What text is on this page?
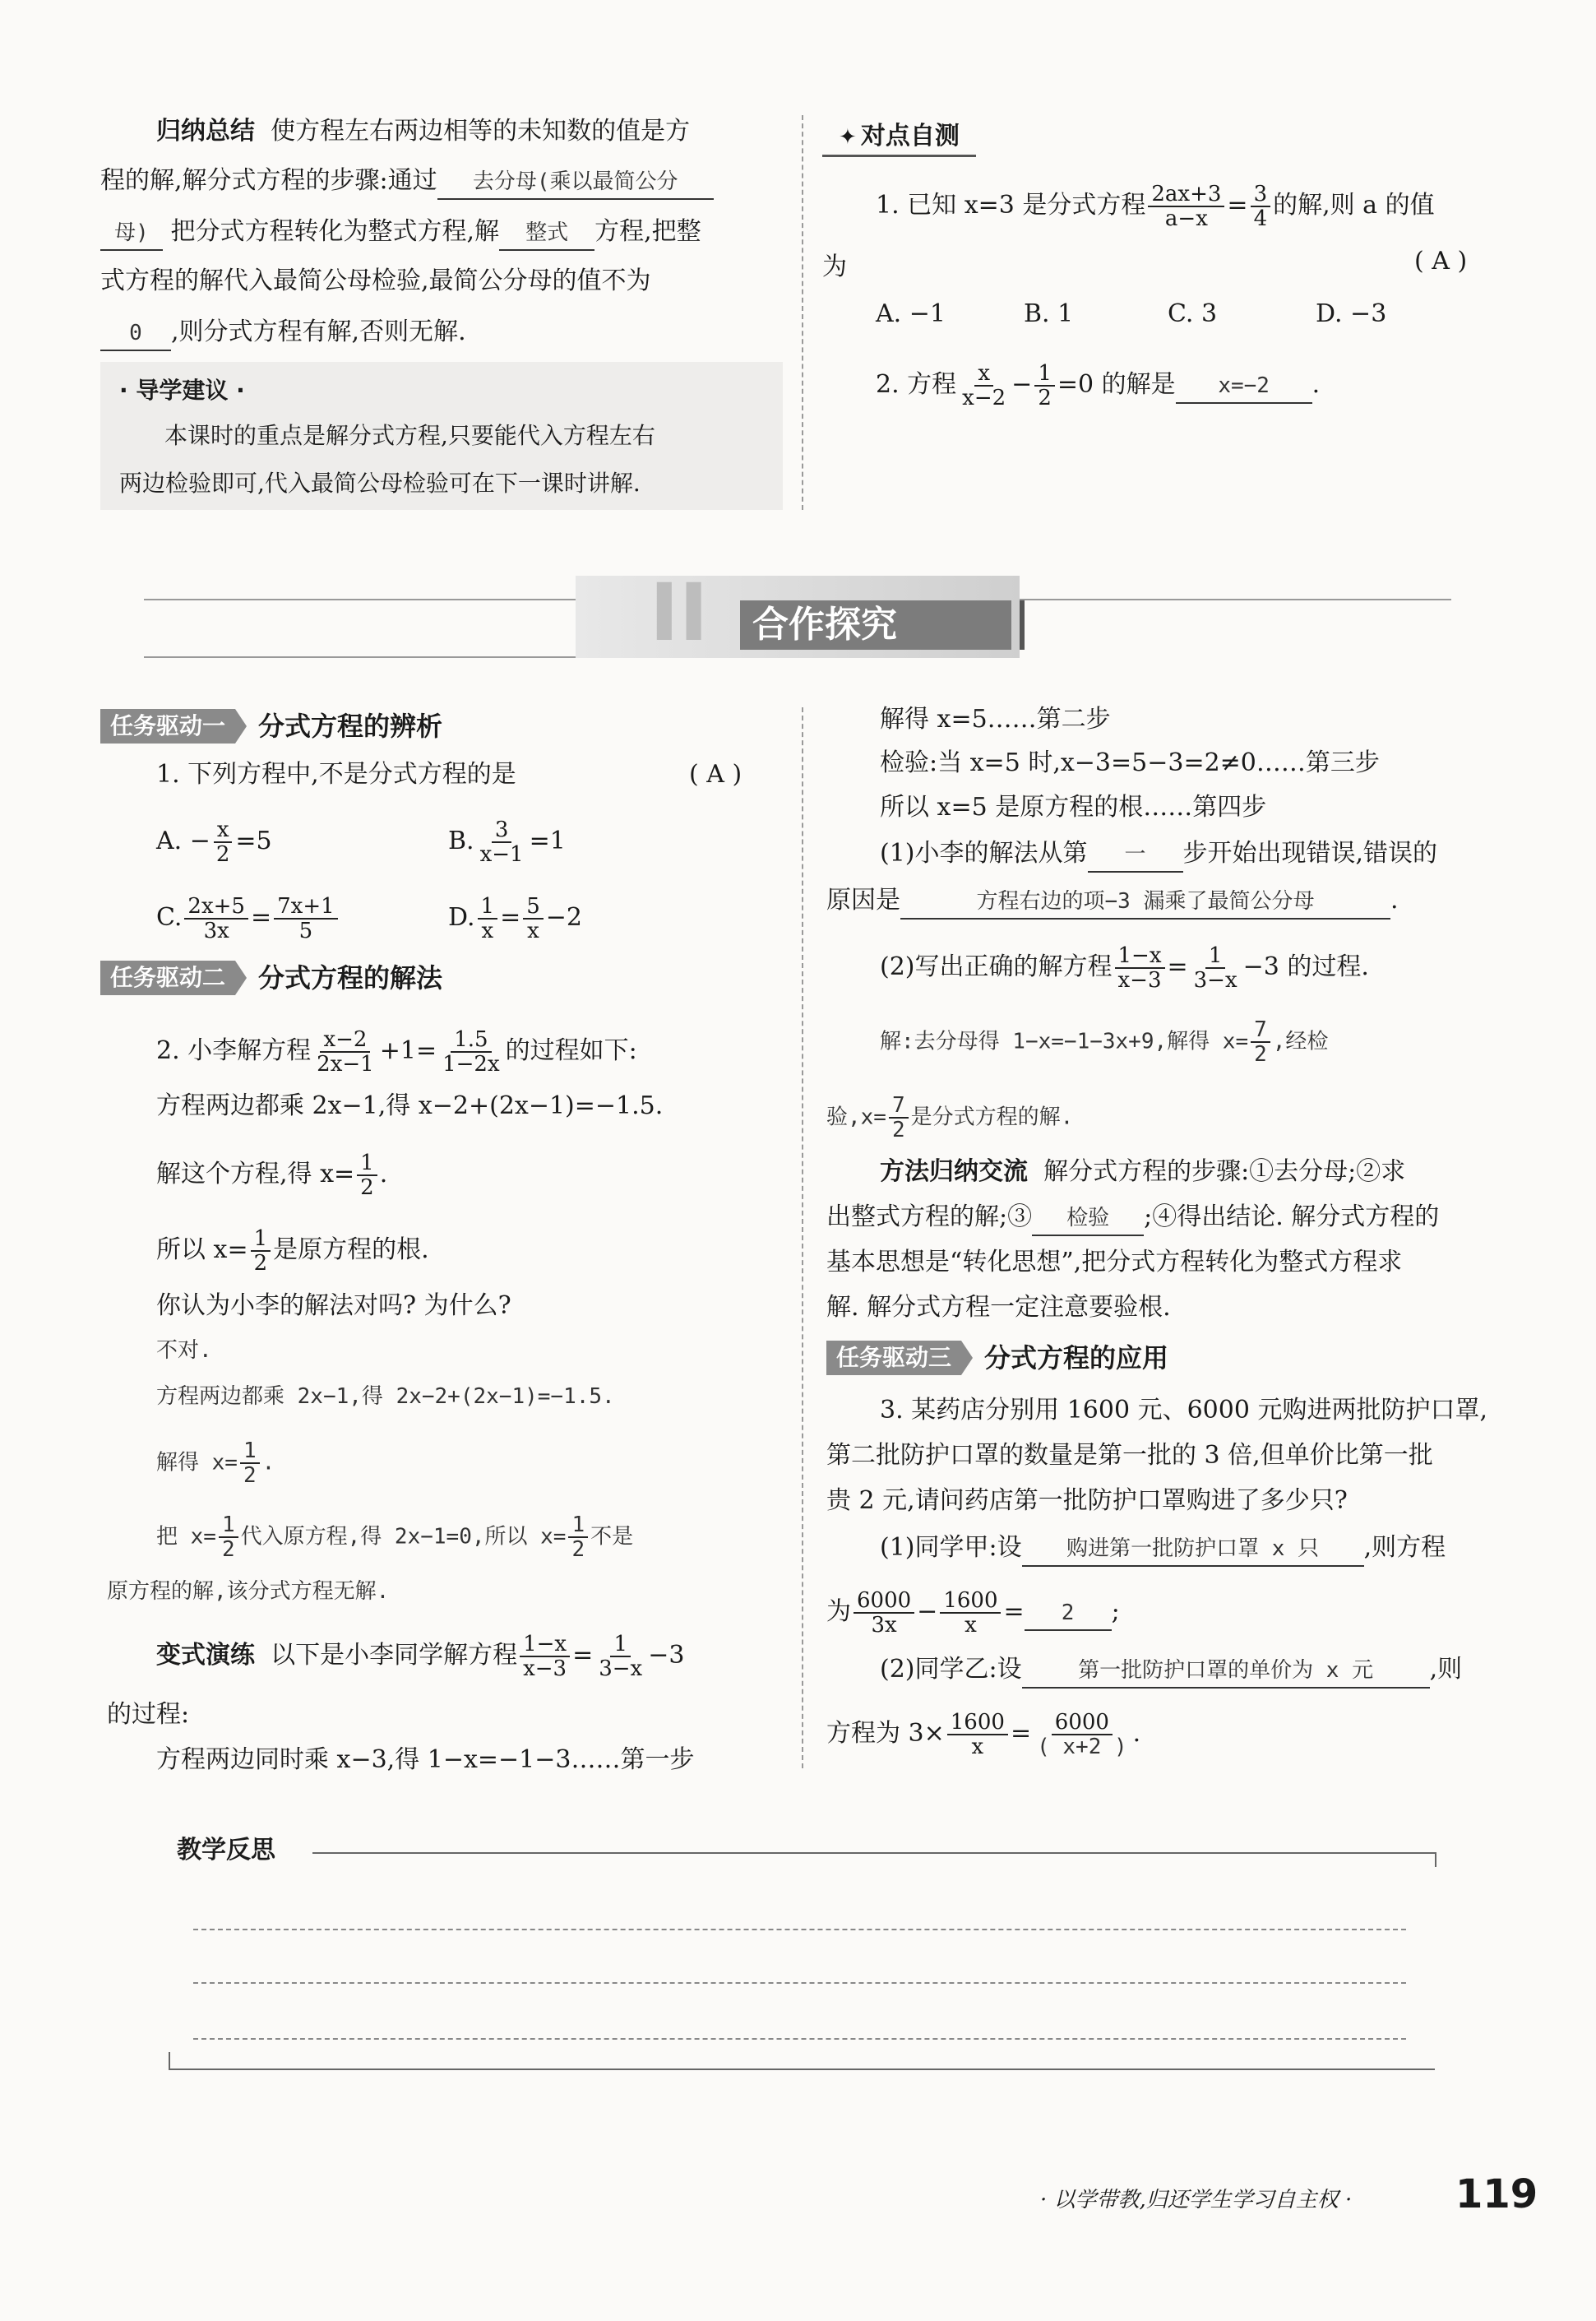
归纳总结 使方程左右两边相等的未知数的值是方
程的解,解分式方程的步骤:通过 去分母(乘以最简公分
母) 把分式方程转化为整式方程,解 整式 方程,把整
式方程的解代入最简公母检验,最简公分母的值不为
0 ,则分式方程有解,否则无解.
· 导学建议 ·
本课时的重点是解分式方程,只要能代入方程左右
两边检验即可,代入最简公母检验可在下一课时讲解.
✦ 对点自测
1. 已知 x=3 是分式方程 $\frac{2ax+3}{a-x} = \frac{3}{4}$ 的解,则 a 的值
为	( A )
A. −1	B. 1	C. 3	D. −3
2. 方程 $\frac{x}{x-2} - \frac{1}{2} =0$ 的解是 x=−2 .
II 合作探究
任务驱动一 分式方程的辨析
1. 下列方程中,不是分式方程的是	( A )
A. − $\frac{x}{2} =5$	B. $\frac{3}{x-1} =1$
C. $\frac{2x+5}{3x} = \frac{7x+1}{5}$	D. $\frac{1}{x} = \frac{5}{x} -2$
任务驱动二 分式方程的解法
2. 小李解方程 $\frac{x-2}{2x-1} +1= \frac{1.5}{1-2x}$ 的过程如下:
方程两边都乘 2x−1,得 x−2+(2x−1)=−1.5.
解这个方程,得 $x= \frac{1}{2}$ .
所以 $x= \frac{1}{2}$ 是原方程的根.
你认为小李的解法对吗? 为什么?
不对.
方程两边都乘 2x−1,得 2x−2+(2x−1)=−1.5.
解得 $x= \frac{1}{2}$ .
把 $x= \frac{1}{2}$ 代入原方程,得 2x−1=0,所以 $x= \frac{1}{2}$ 不是
原方程的解,该分式方程无解.
变式演练 以下是小李同学解方程 $\frac{1-x}{x-3} = \frac{1}{3-x} -3$
的过程:
方程两边同时乘 x−3,得 1−x=−1−3……第一步
解得 x=5……第二步
检验:当 x=5 时,x−3=5−3=2≠0……第三步
所以 x=5 是原方程的根……第四步
(1)小李的解法从第 一 步开始出现错误,错误的
原因是	方程右边的项−3 漏乘了最简公分母	.
(2)写出正确的解方程 $\frac{1-x}{x-3} = \frac{1}{3-x} -3$ 的过程.
解:去分母得 1−x=−1−3x+9,解得 $x= \frac{7}{2}$ ,经检
验$,x= \frac{7}{2}$ 是分式方程的解.
方法归纳交流 解分式方程的步骤:①去分母;②求
出整式方程的解;③ 检验 ;④得出结论. 解分式方程的
基本思想是“转化思想”,把分式方程转化为整式方程求
解. 解分式方程一定注意要验根.
任务驱动三 分式方程的应用
3. 某药店分别用 1600 元、6000 元购进两批防护口罩,
第二批防护口罩的数量是第一批的 3 倍,但单价比第一批
贵 2 元,请问药店第一批防护口罩购进了多少只?
(1)同学甲:设 购进第一批防护口罩 x 只 ,则方程
为 $\frac{6000}{3x} - \frac{1600}{x} = 2$ ;
(2)同学乙:设	第一批防护口罩的单价为 x 元 ,则
方程为 $3\times \frac{1600}{x} = \frac{6000}{( x+2 )}$ .
教学反思
· 以学带教,归还学生学习自主权 ·	119
